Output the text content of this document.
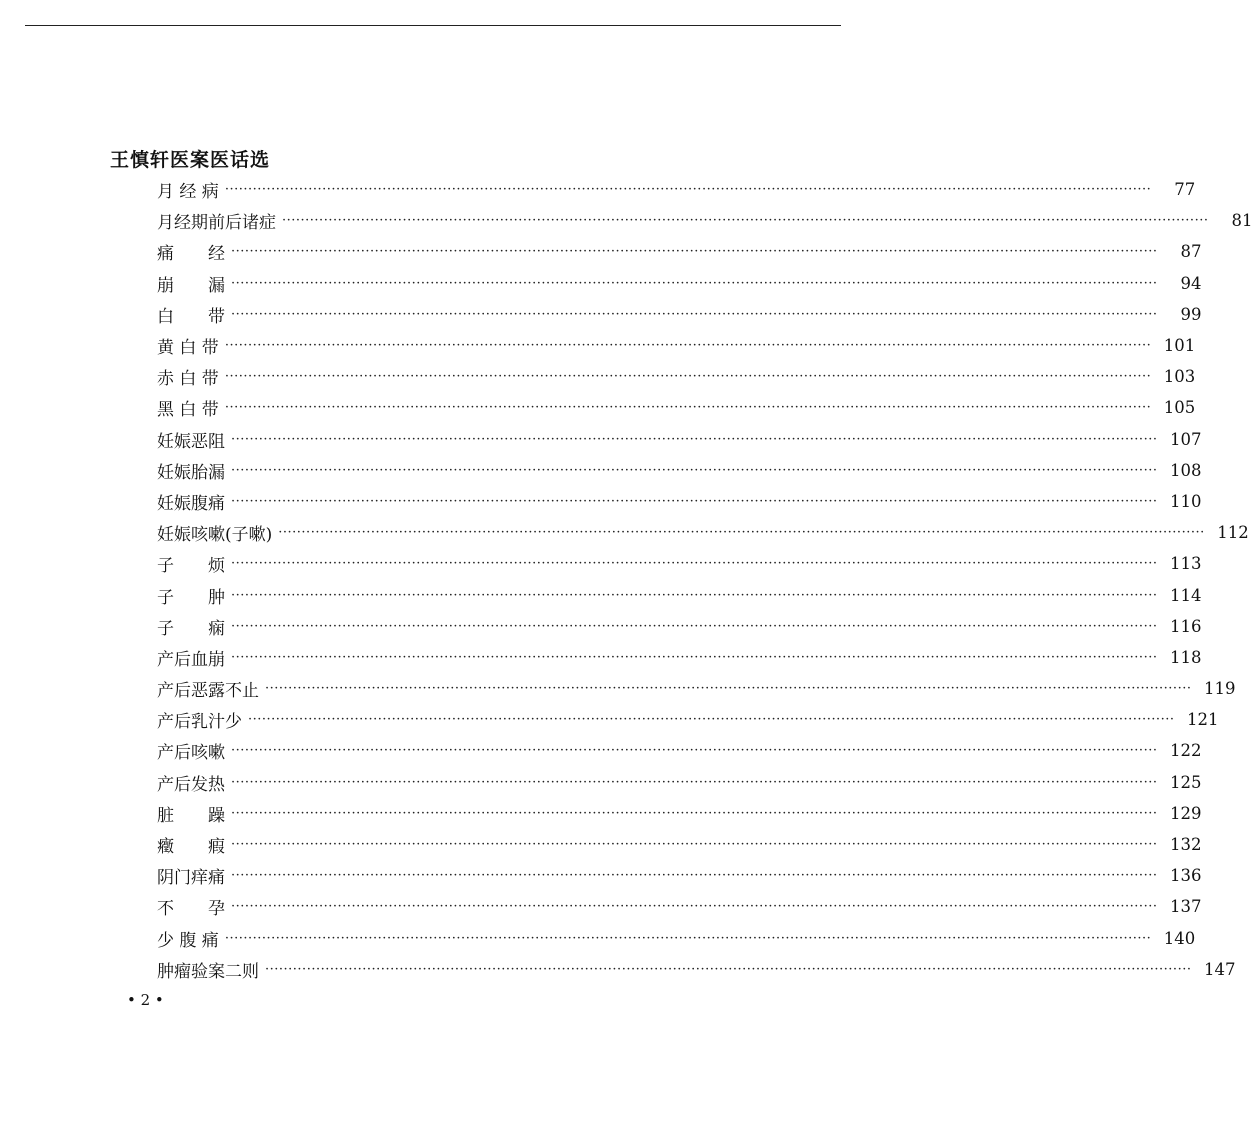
王慎轩医案医话选
月 经 病 ········································································································································································································	77
月经期前后诸症 ········································································································································································································	81
痛　　经 ········································································································································································································	87
崩　　漏 ········································································································································································································	94
白　　带 ········································································································································································································	99
黄 白 带 ········································································································································································································ 101
赤 白 带 ········································································································································································································ 103
黑 白 带 ········································································································································································································ 105
妊娠恶阻 ········································································································································································································ 107
妊娠胎漏 ········································································································································································································ 108
妊娠腹痛 ········································································································································································································ 110
妊娠咳嗽(子嗽) ········································································································································································································ 112
子　　烦 ········································································································································································································ 113
子　　肿 ········································································································································································································ 114
子　　痫 ········································································································································································································ 116
产后血崩 ········································································································································································································ 118
产后恶露不止 ········································································································································································································ 119
产后乳汁少 ········································································································································································································ 121
产后咳嗽 ········································································································································································································ 122
产后发热 ········································································································································································································ 125
脏　　躁 ········································································································································································································ 129
癥　　瘕 ········································································································································································································ 132
阴门痒痛 ········································································································································································································ 136
不　　孕 ········································································································································································································ 137
少 腹 痛 ········································································································································································································ 140
肿瘤验案二则 ········································································································································································································ 147
• 2 •
